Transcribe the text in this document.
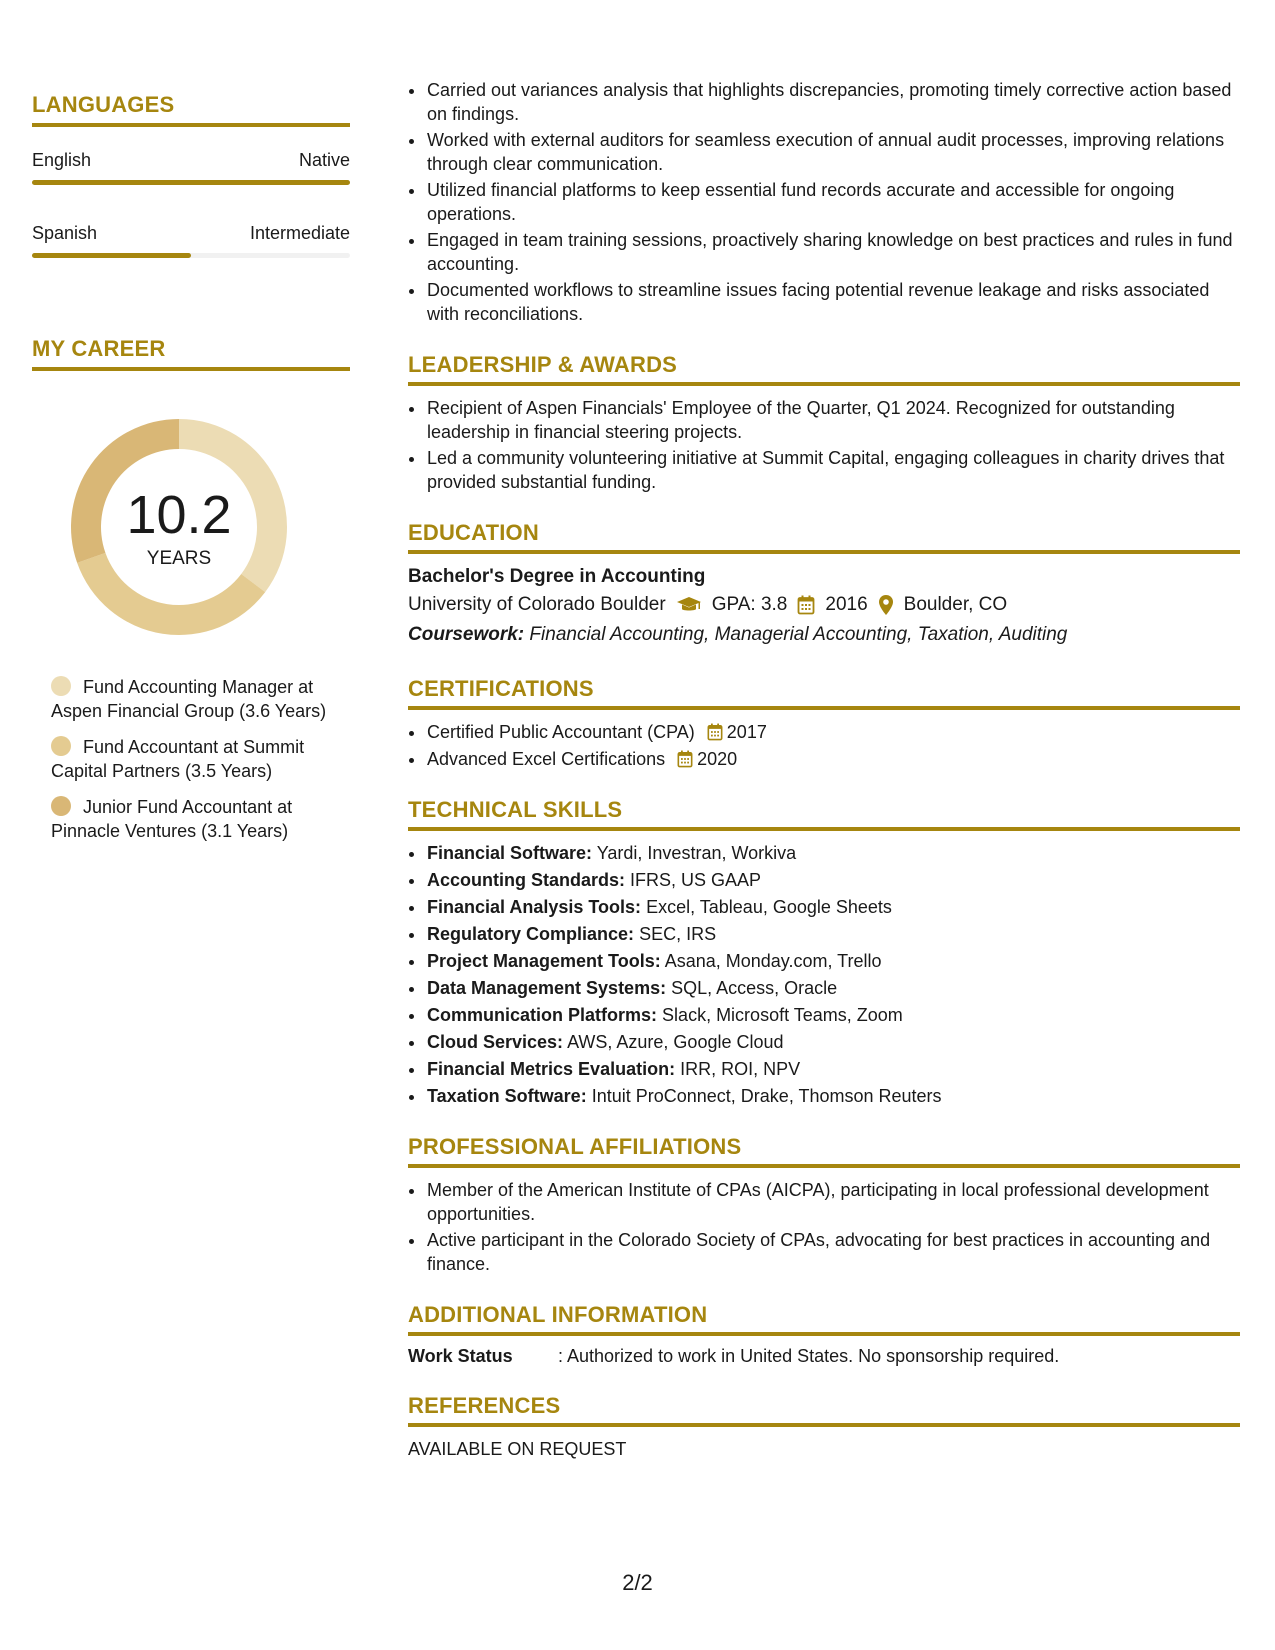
LANGUAGES
English	Native
Spanish	Intermediate
MY CAREER
10.2
YEARS
Fund Accounting Manager at Aspen Financial Group (3.6 Years)
Fund Accountant at Summit Capital Partners (3.5 Years)
Junior Fund Accountant at Pinnacle Ventures (3.1 Years)
• Carried out variances analysis that highlights discrepancies, promoting timely corrective action based on findings.
• Worked with external auditors for seamless execution of annual audit processes, improving relations through clear communication.
• Utilized financial platforms to keep essential fund records accurate and accessible for ongoing operations.
• Engaged in team training sessions, proactively sharing knowledge on best practices and rules in fund accounting.
• Documented workflows to streamline issues facing potential revenue leakage and risks associated with reconciliations.
LEADERSHIP & AWARDS
• Recipient of Aspen Financials' Employee of the Quarter, Q1 2024. Recognized for outstanding leadership in financial steering projects.
• Led a community volunteering initiative at Summit Capital, engaging colleagues in charity drives that provided substantial funding.
EDUCATION
Bachelor's Degree in Accounting
University of Colorado Boulder GPA: 3.8 2016 Boulder, CO
Coursework: Financial Accounting, Managerial Accounting, Taxation, Auditing
CERTIFICATIONS
• Certified Public Accountant (CPA) 2017
• Advanced Excel Certifications 2020
TECHNICAL SKILLS
• Financial Software: Yardi, Investran, Workiva
• Accounting Standards: IFRS, US GAAP
• Financial Analysis Tools: Excel, Tableau, Google Sheets
• Regulatory Compliance: SEC, IRS
• Project Management Tools: Asana, Monday.com, Trello
• Data Management Systems: SQL, Access, Oracle
• Communication Platforms: Slack, Microsoft Teams, Zoom
• Cloud Services: AWS, Azure, Google Cloud
• Financial Metrics Evaluation: IRR, ROI, NPV
• Taxation Software: Intuit ProConnect, Drake, Thomson Reuters
PROFESSIONAL AFFILIATIONS
• Member of the American Institute of CPAs (AICPA), participating in local professional development opportunities.
• Active participant in the Colorado Society of CPAs, advocating for best practices in accounting and finance.
ADDITIONAL INFORMATION
Work Status	: Authorized to work in United States. No sponsorship required.
REFERENCES
AVAILABLE ON REQUEST
2/2
